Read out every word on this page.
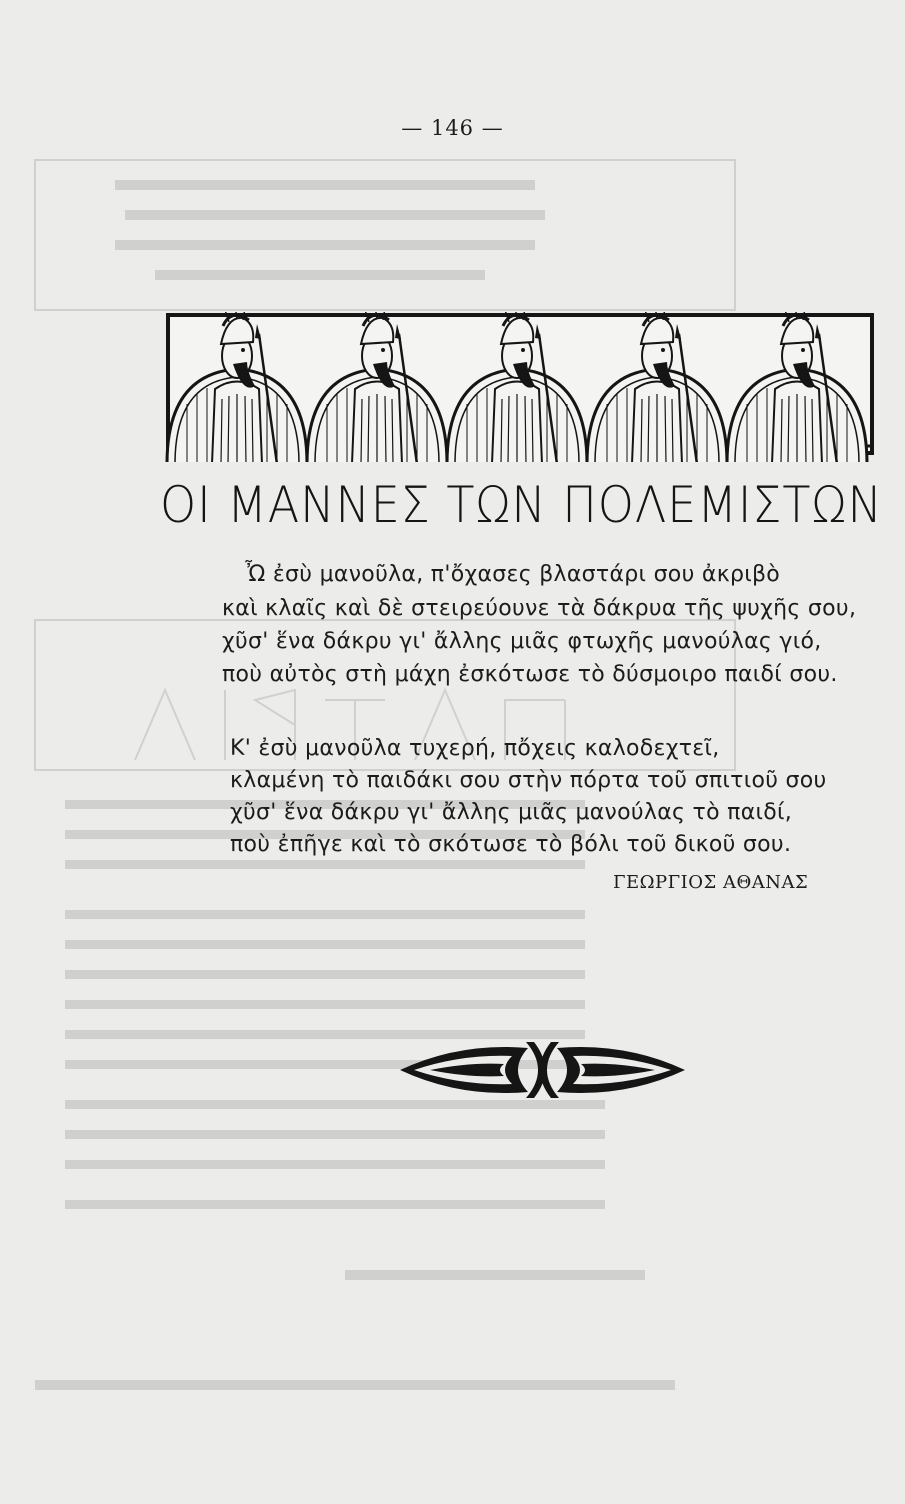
— 146 —
ΟΙ ΜΑΝΝΕΣ ΤΩΝ ΠΟΛΕΜΙΣΤΩΝ
Ὦ ἐσὺ μανοῦλα, π'ὄχασες βλαστάρι σου ἀκριβὸ
καὶ κλαῖς καὶ δὲ στειρεύουνε τὰ δάκρυα τῆς ψυχῆς σου,
χῦσ' ἕνα δάκρυ γι' ἄλλης μιᾶς φτωχῆς μανούλας γιό,
ποὺ αὐτὸς στὴ μάχη ἐσκότωσε τὸ δύσμοιρο παιδί σου.
Κ' ἐσὺ μανοῦλα τυχερή, πὄχεις καλοδεχτεῖ,
κλαμένη τὸ παιδάκι σου στὴν πόρτα τοῦ σπιτιοῦ σου
χῦσ' ἕνα δάκρυ γι' ἄλλης μιᾶς μανούλας τὸ παιδί,
ποὺ ἐπῆγε καὶ τὸ σκότωσε τὸ βόλι τοῦ δικοῦ σου.
ΓΕΩΡΓΙΟΣ ΑΘΑΝΑΣ
